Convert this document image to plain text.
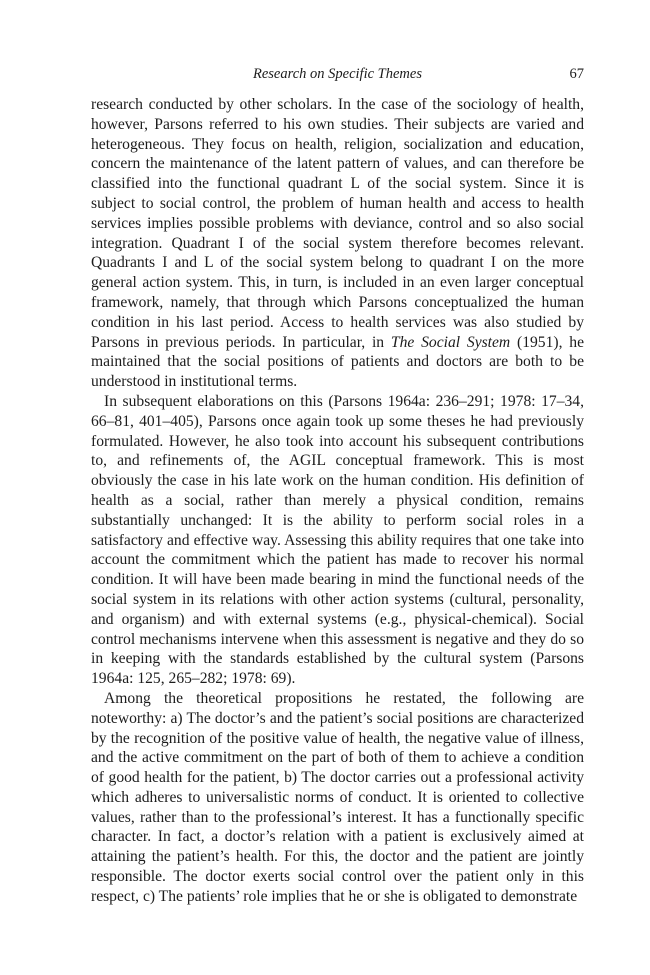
Research on Specific Themes	67

research conducted by other scholars. In the case of the sociology of health, however, Parsons referred to his own studies. Their subjects are varied and heterogeneous. They focus on health, religion, socialization and education, concern the maintenance of the latent pattern of values, and can therefore be classified into the functional quadrant L of the social system. Since it is subject to social control, the problem of human health and access to health services implies possible problems with deviance, control and so also social integration. Quadrant I of the social system therefore becomes relevant. Quadrants I and L of the social system belong to quadrant I on the more general action system. This, in turn, is included in an even larger conceptual framework, namely, that through which Parsons conceptualized the human condition in his last period. Access to health services was also studied by Parsons in previous periods. In particular, in The Social System (1951), he maintained that the social positions of patients and doctors are both to be understood in institutional terms.

In subsequent elaborations on this (Parsons 1964a: 236–291; 1978: 17–34, 66–81, 401–405), Parsons once again took up some theses he had previously formulated. However, he also took into account his subsequent contributions to, and refinements of, the AGIL conceptual framework. This is most obviously the case in his late work on the human condition. His definition of health as a social, rather than merely a physical condition, remains substantially unchanged: It is the ability to perform social roles in a satisfactory and effective way. Assessing this ability requires that one take into account the commitment which the patient has made to recover his normal condition. It will have been made bearing in mind the functional needs of the social system in its relations with other action systems (cultural, personality, and organism) and with external systems (e.g., physical-chemical). Social control mechanisms intervene when this assessment is negative and they do so in keeping with the standards established by the cultural system (Parsons 1964a: 125, 265–282; 1978: 69).

Among the theoretical propositions he restated, the following are noteworthy: a) The doctor’s and the patient’s social positions are characterized by the recognition of the positive value of health, the negative value of illness, and the active commitment on the part of both of them to achieve a condition of good health for the patient, b) The doctor carries out a professional activity which adheres to universalistic norms of conduct. It is oriented to collective values, rather than to the professional’s interest. It has a functionally specific character. In fact, a doctor’s relation with a patient is exclusively aimed at attaining the patient’s health. For this, the doctor and the patient are jointly responsible. The doctor exerts social control over the patient only in this respect, c) The patients’ role implies that he or she is obligated to demonstrate
